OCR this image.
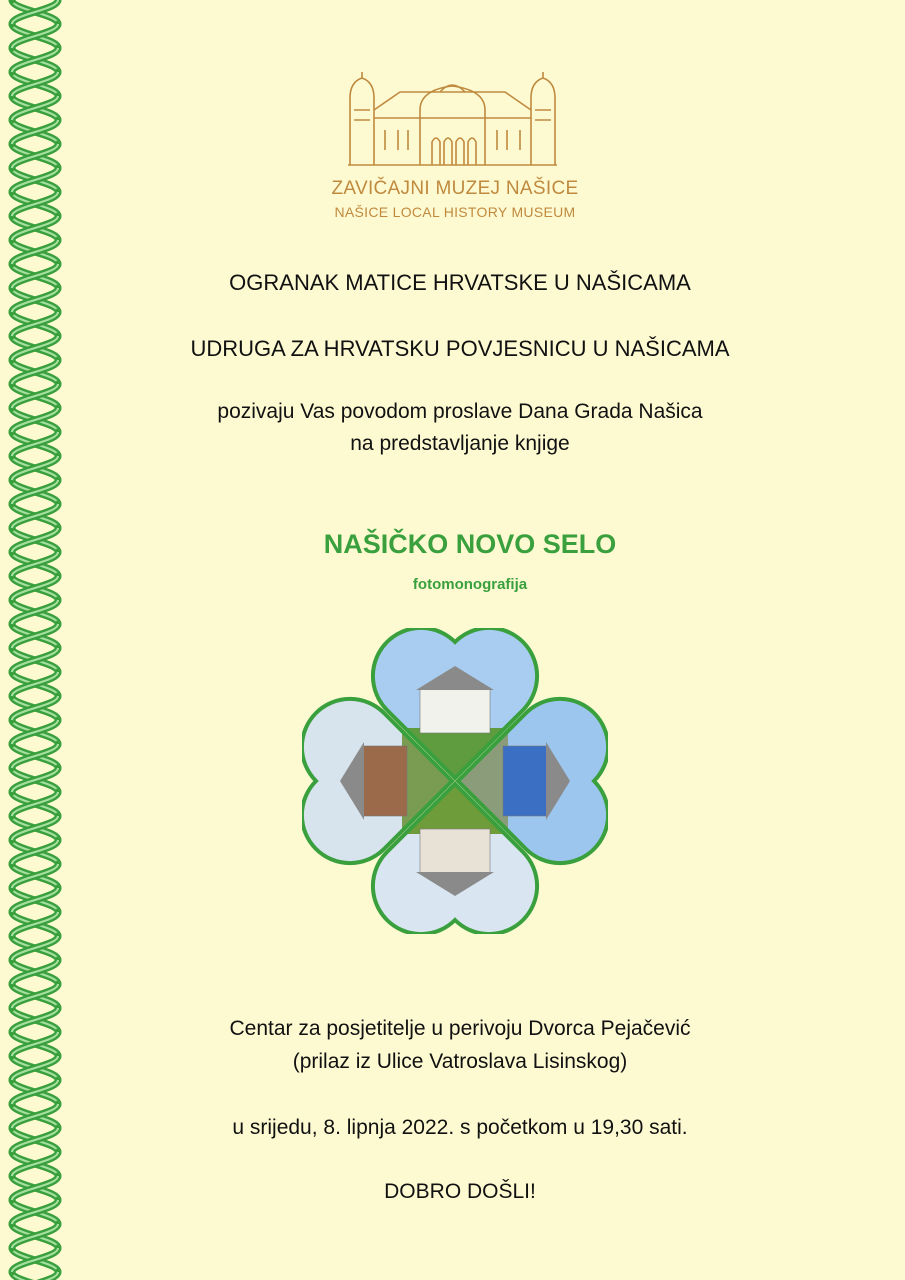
ZAVIČAJNI MUZEJ NAŠICE

NAŠICE LOCAL HISTORY MUSEUM

OGRANAK MATICE HRVATSKE U NAŠICAMA

UDRUGA ZA HRVATSKU POVJESNICU U NAŠICAMA

pozivaju Vas povodom proslave Dana Grada Našica

na predstavljanje knjige

NAŠIČKO NOVO SELO

fotomonografija

Centar za posjetitelje u perivoju Dvorca Pejačević

(prilaz iz Ulice Vatroslava Lisinskog)

u srijedu, 8. lipnja 2022. s početkom u 19,30 sati.

DOBRO DOŠLI!
